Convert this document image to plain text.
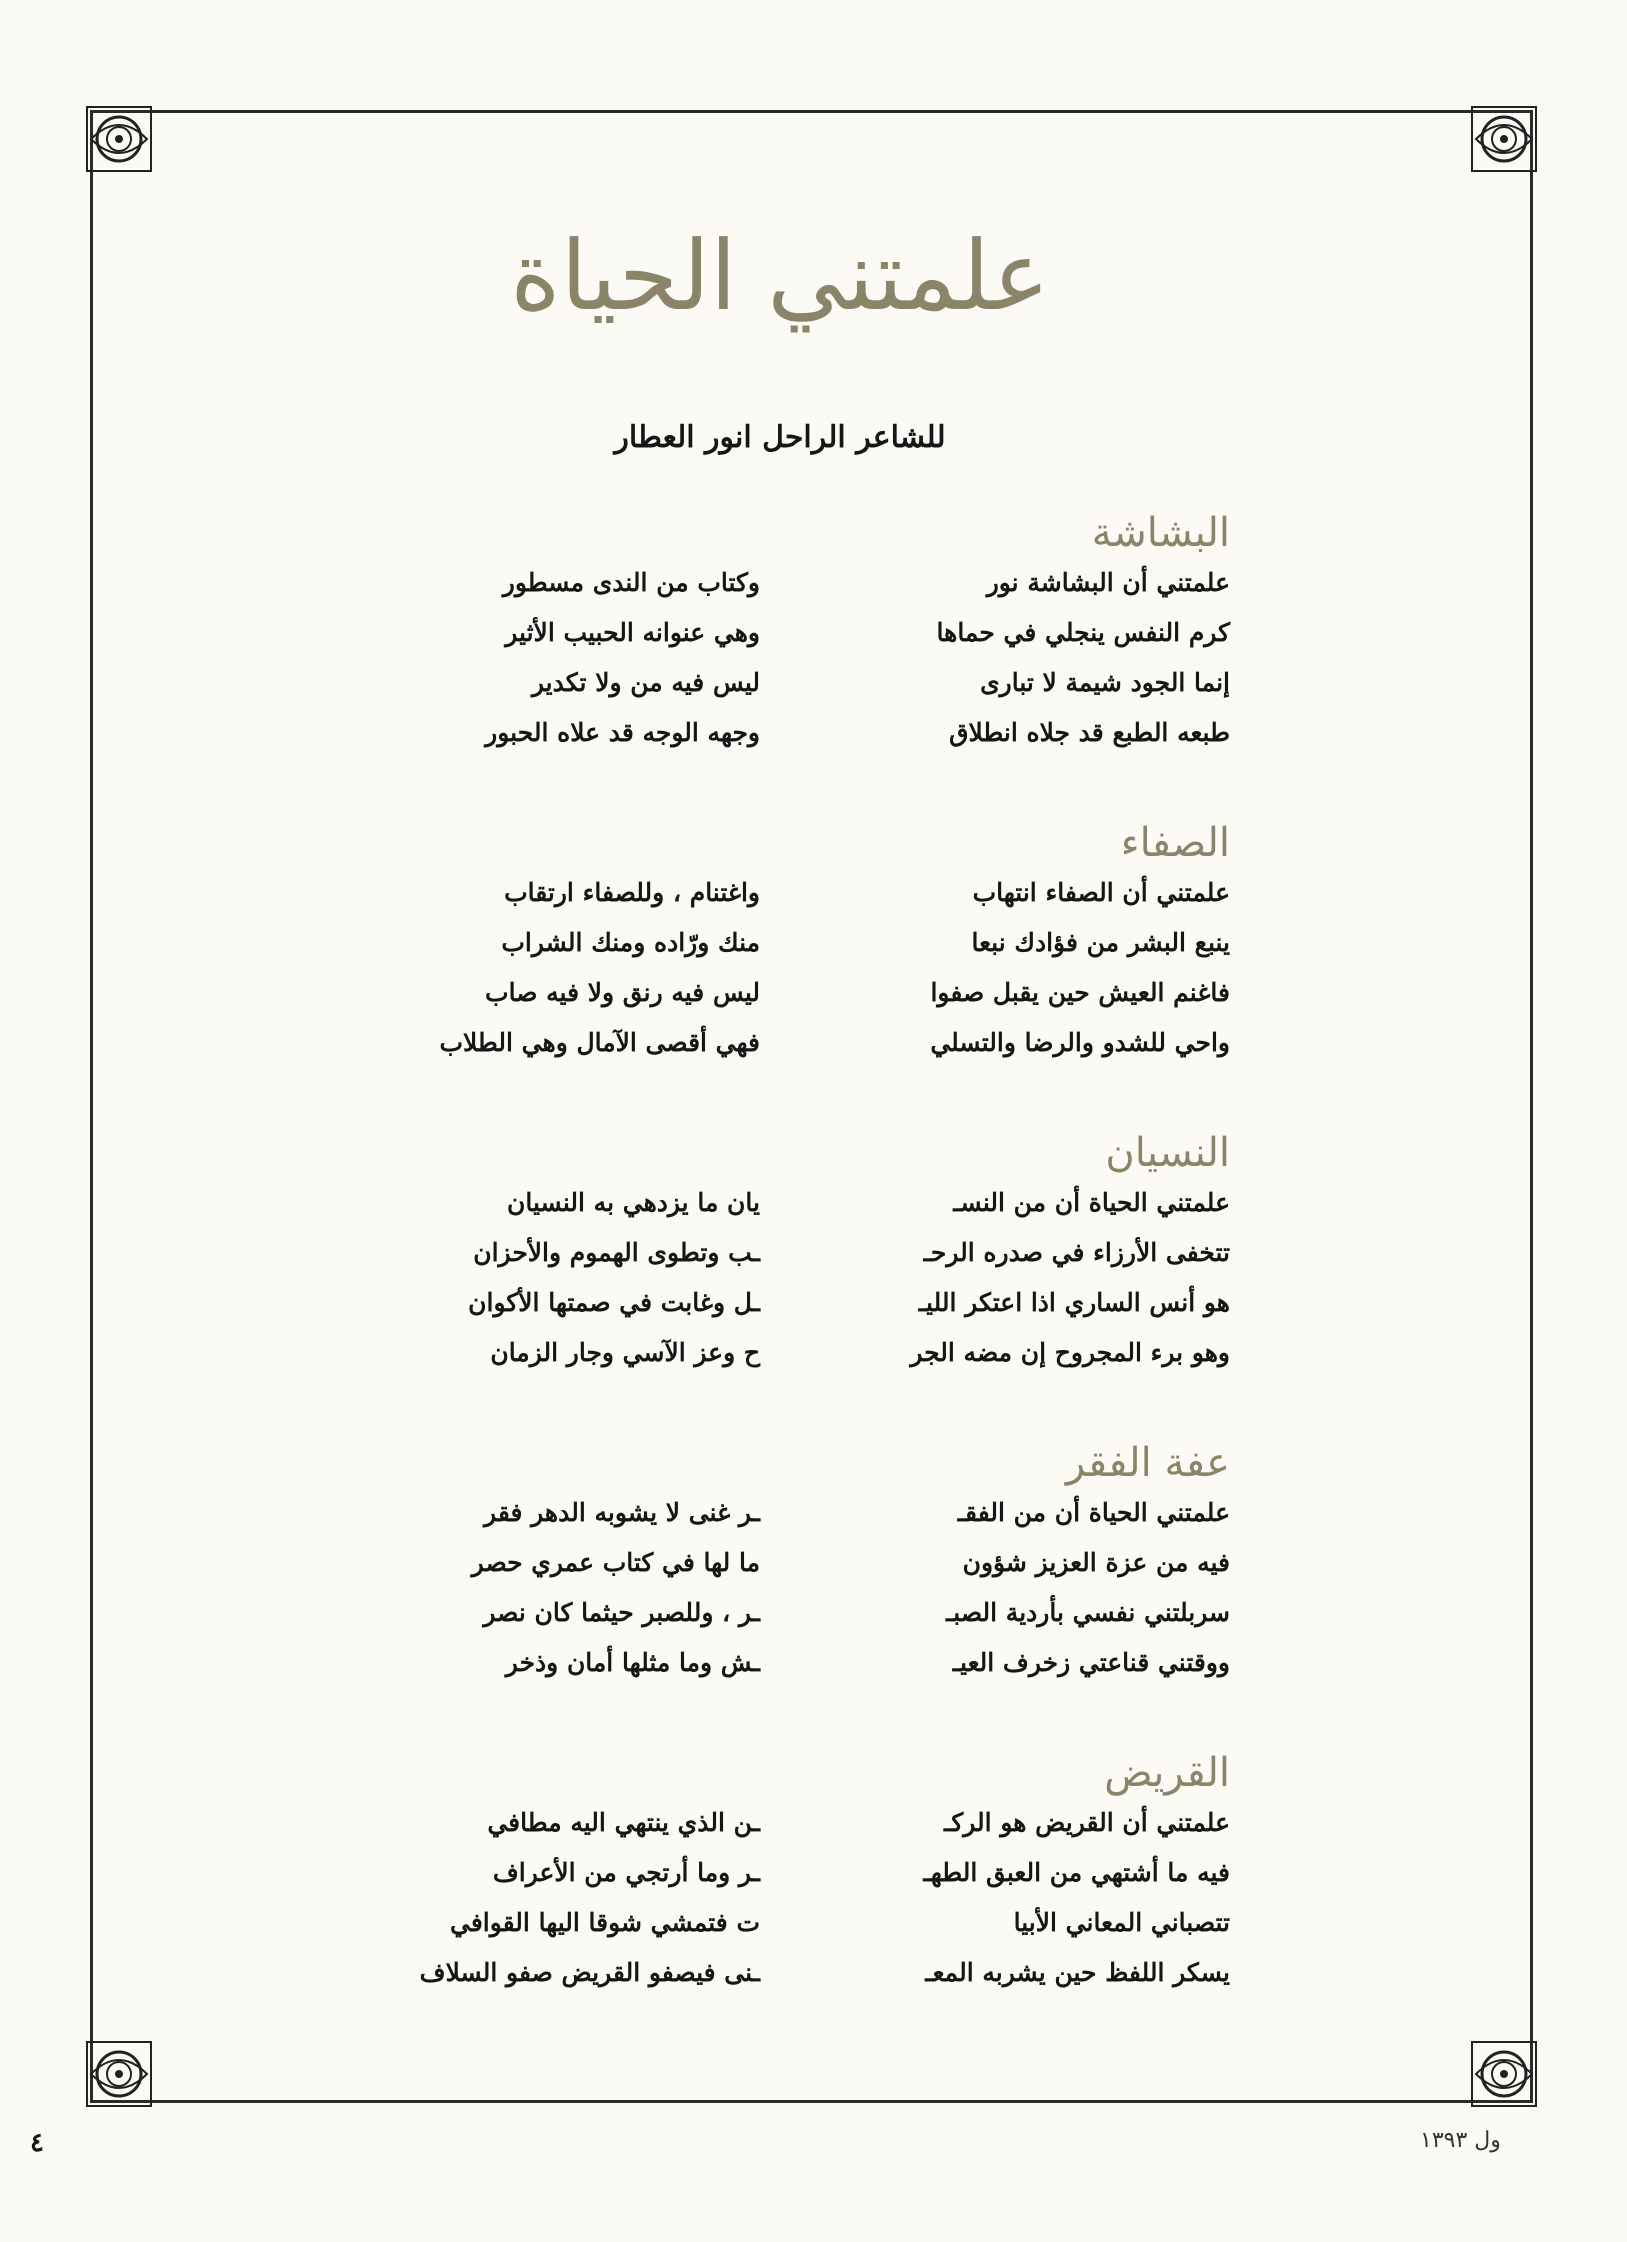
علمتني الحياة
للشاعر الراحل انور العطار
البشاشة
علمتني أن البشاشة نور
وكتاب من الندى مسطور
كرم النفس ينجلي في حماها
وهي عنوانه الحبيب الأثير
إنما الجود شيمة لا تبارى
ليس فيه من ولا تكدير
طبعه الطبع قد جلاه انطلاق
وجهه الوجه قد علاه الحبور
الصفاء
علمتني أن الصفاء انتهاب
واغتنام ، وللصفاء ارتقاب
ينبع البشر من فؤادك نبعا
منك ورّاده ومنك الشراب
فاغنم العيش حين يقبل صفوا
ليس فيه رنق ولا فيه صاب
واحي للشدو والرضا والتسلي
فهي أقصى الآمال وهي الطلاب
النسيان
علمتني الحياة أن من النسـ
يان ما يزدهي به النسيان
تتخفى الأرزاء في صدره الرحـ
ـب وتطوى الهموم والأحزان
هو أنس الساري اذا اعتكر الليـ
ـل وغابت في صمتها الأكوان
وهو برء المجروح إن مضه الجر
ح وعز الآسي وجار الزمان
عفة الفقر
علمتني الحياة أن من الفقـ
ـر غنى لا يشوبه الدهر فقر
فيه من عزة العزيز شؤون
ما لها في كتاب عمري حصر
سربلتني نفسي بأردية الصبـ
ـر ، وللصبر حيثما كان نصر
ووقتني قناعتي زخرف العيـ
ـش وما مثلها أمان وذخر
القريض
علمتني أن القريض هو الركـ
ـن الذي ينتهي اليه مطافي
فيه ما أشتهي من العبق الطهـ
ـر وما أرتجي من الأعراف
تتصباني المعاني الأبيا
ت فتمشي شوقا اليها القوافي
يسكر اللفظ حين يشربه المعـ
ـنى فيصفو القريض صفو السلاف
٤	ول ١٣٩٣
